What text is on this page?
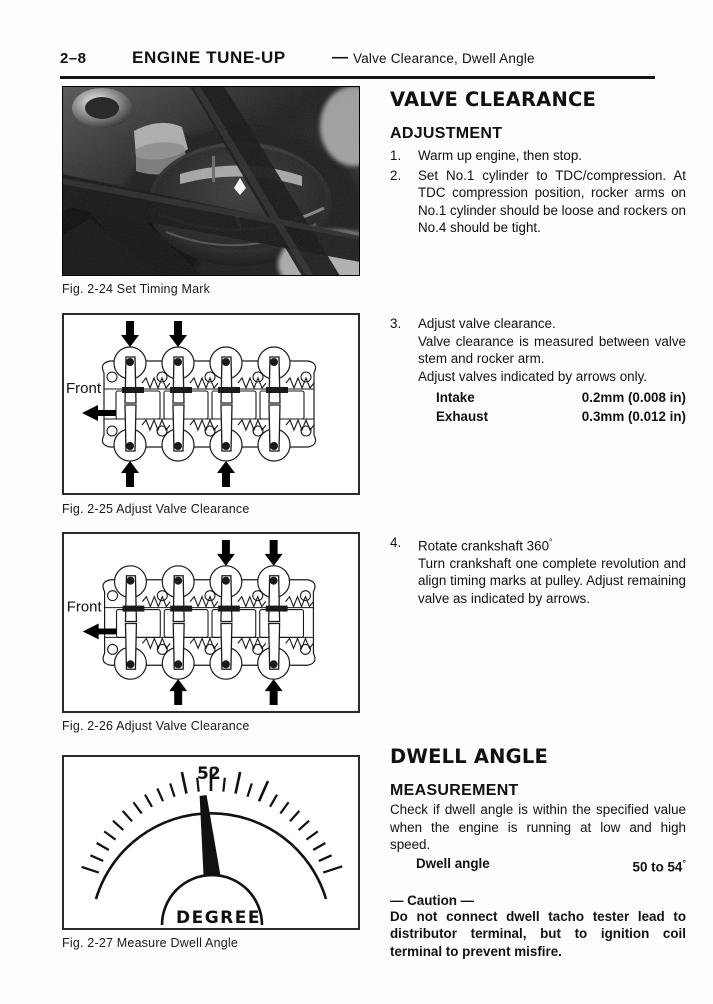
2–8	ENGINE TUNE-UP	— Valve Clearance, Dwell Angle
Fig. 2-24 Set Timing Mark
Front
Fig. 2-25 Adjust Valve Clearance
Front
Fig. 2-26 Adjust Valve Clearance
52
DEGREE
Fig. 2-27 Measure Dwell Angle
VALVE CLEARANCE
ADJUSTMENT
1.	Warm up engine, then stop.
2.	Set No.1 cylinder to TDC/compression. At TDC compression position, rocker arms on No.1 cylinder should be loose and rockers on No.4 should be tight.
3.	Adjust valve clearance.
Valve clearance is measured between valve stem and rocker arm.
Adjust valves indicated by arrows only.
Intake	0.2mm (0.008 in)
Exhaust	0.3mm (0.012 in)
4.	Rotate crankshaft 360°
Turn crankshaft one complete revolution and align timing marks at pulley. Adjust remaining valve as indicated by arrows.
DWELL ANGLE
MEASUREMENT
Check if dwell angle is within the specified value when the engine is running at low and high speed.
Dwell angle	50 to 54°
— Caution —
Do not connect dwell tacho tester lead to distributor terminal, but to ignition coil terminal to prevent misfire.
